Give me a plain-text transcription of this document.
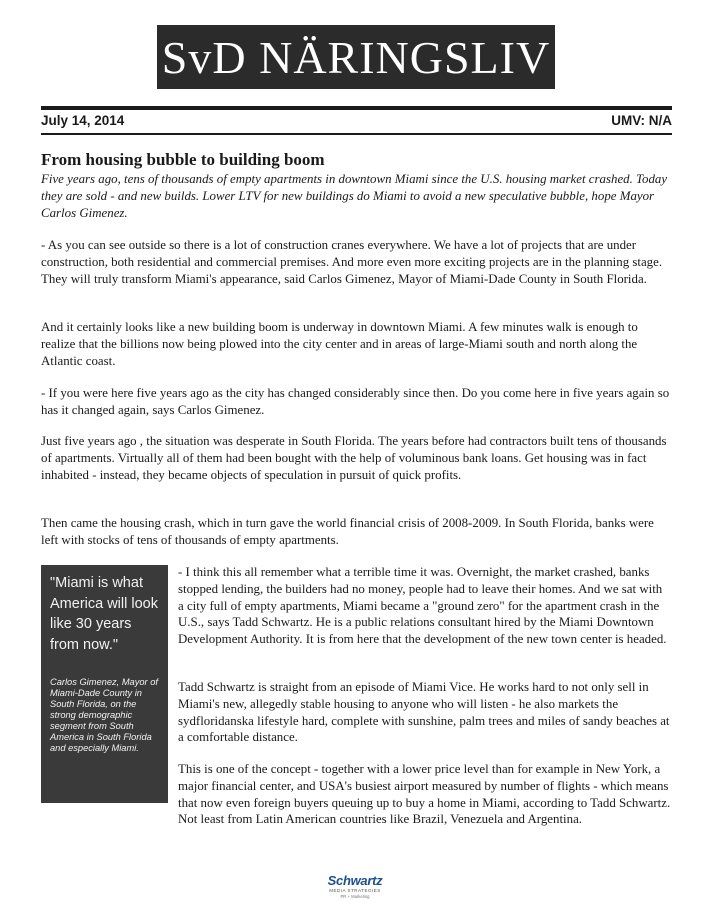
SvD NÄRINGSLIV
July 14, 2014	UMV: N/A
From housing bubble to building boom

Five years ago, tens of thousands of empty apartments in downtown Miami since the U.S. housing market crashed. Today they are sold - and new builds. Lower LTV for new buildings do Miami to avoid a new speculative bubble, hope Mayor Carlos Gimenez.

- As you can see outside so there is a lot of construction cranes everywhere. We have a lot of projects that are under construction, both residential and commercial premises. And more even more exciting projects are in the planning stage. They will truly transform Miami's appearance, said Carlos Gimenez, Mayor of Miami-Dade County in South Florida.

And it certainly looks like a new building boom is underway in downtown Miami. A few minutes walk is enough to realize that the billions now being plowed into the city center and in areas of large-Miami south and north along the Atlantic coast.

- If you were here five years ago as the city has changed considerably since then. Do you come here in five years again so has it changed again, says Carlos Gimenez.

Just five years ago , the situation was desperate in South Florida. The years before had contractors built tens of thousands of apartments. Virtually all of them had been bought with the help of voluminous bank loans. Get housing was in fact inhabited - instead, they became objects of speculation in pursuit of quick profits.

Then came the housing crash, which in turn gave the world financial crisis of 2008-2009. In South Florida, banks were left with stocks of tens of thousands of empty apartments.

"Miami is what America will look like 30 years from now."
Carlos Gimenez, Mayor of Miami-Dade County in South Florida, on the strong demographic segment from South America in South Florida and especially Miami.

- I think this all remember what a terrible time it was. Overnight, the market crashed, banks stopped lending, the builders had no money, people had to leave their homes. And we sat with a city full of empty apartments, Miami became a "ground zero" for the apartment crash in the U.S., says Tadd Schwartz. He is a public relations consultant hired by the Miami Downtown Development Authority. It is from here that the development of the new town center is headed.

Tadd Schwartz is straight from an episode of Miami Vice. He works hard to not only sell in Miami's new, allegedly stable housing to anyone who will listen - he also markets the sydfloridanska lifestyle hard, complete with sunshine, palm trees and miles of sandy beaches at a comfortable distance.

This is one of the concept - together with a lower price level than for example in New York, a major financial center, and USA's busiest airport measured by number of flights - which means that now even foreign buyers queuing up to buy a home in Miami, according to Tadd Schwartz. Not least from Latin American countries like Brazil, Venezuela and Argentina.
Schwartz
MEDIA STRATEGIES
PR + Marketing
